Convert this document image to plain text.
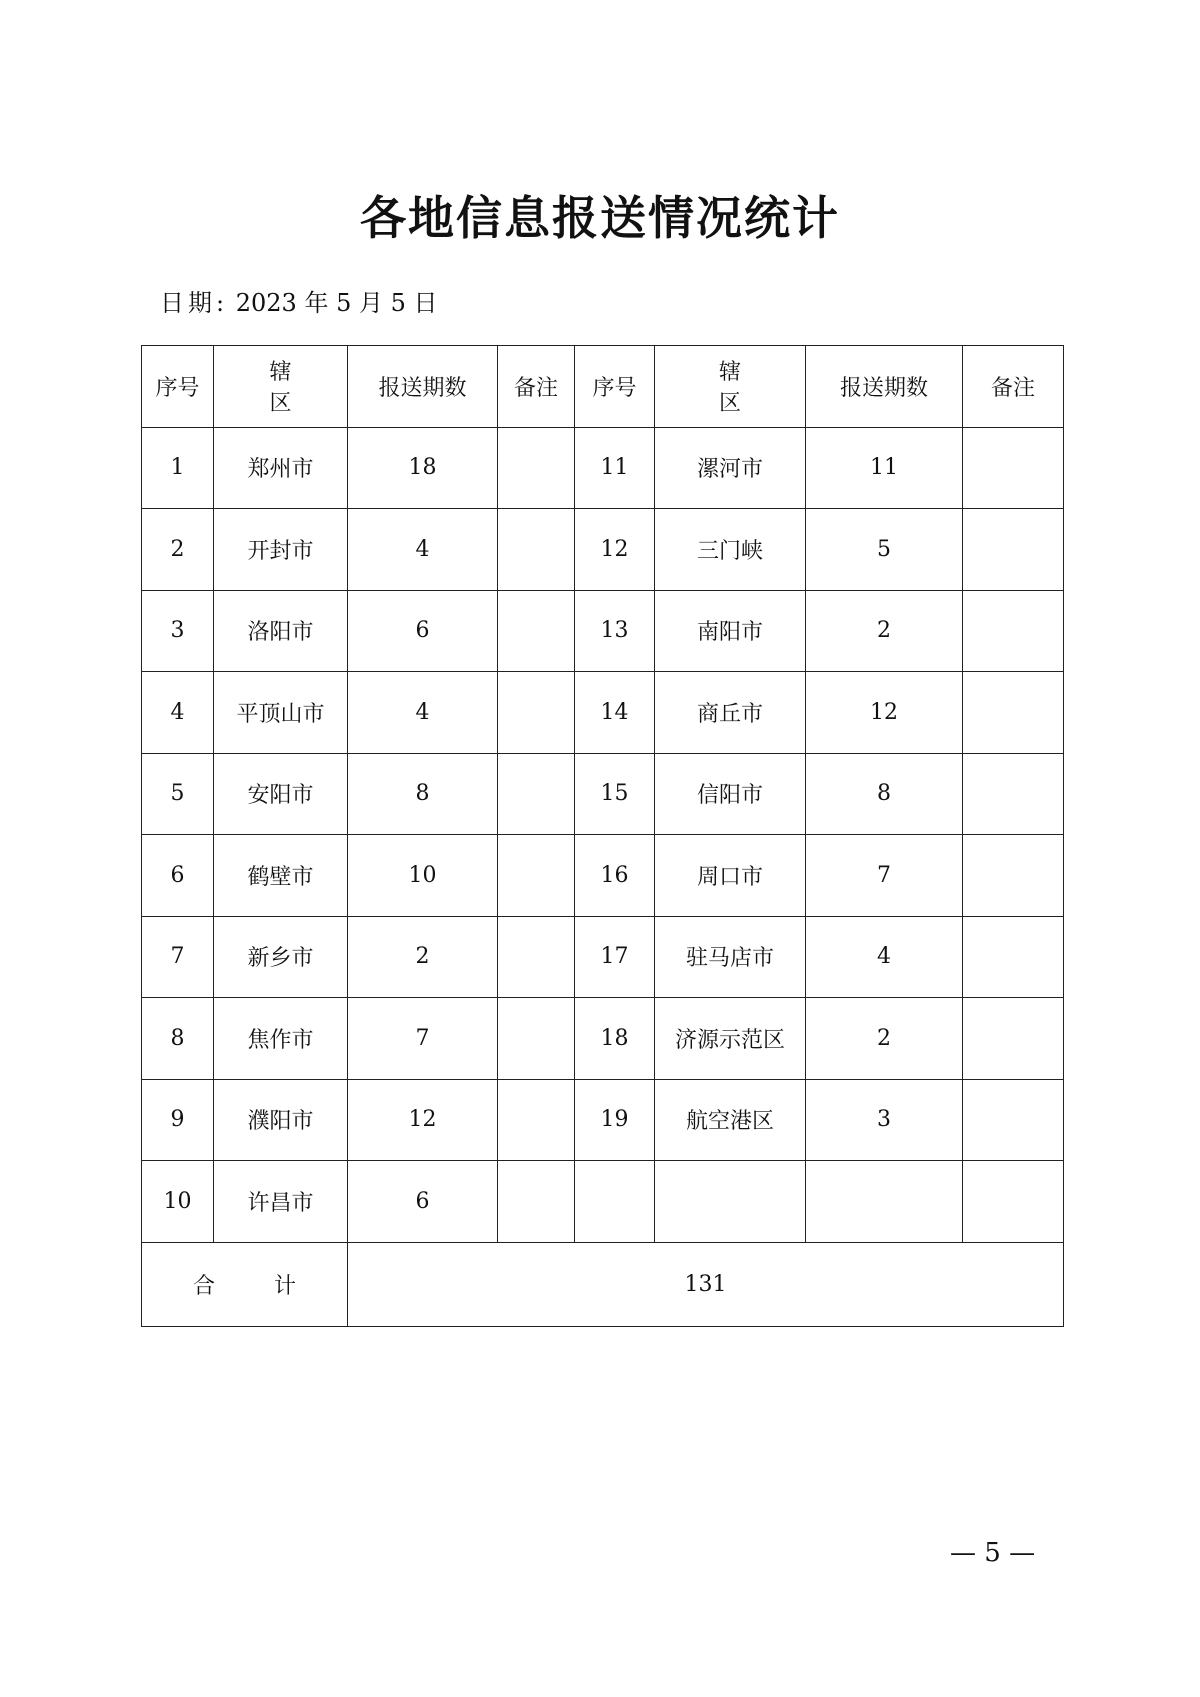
各地信息报送情况统计
日期: 2023 年 5 月 5 日
序号	辖 区	报送期数	备注	序号	辖 区	报送期数	备注
1	郑州市	18		11	漯河市	11	
2	开封市	4		12	三门峡	5	
3	洛阳市	6		13	南阳市	2	
4	平顶山市	4		14	商丘市	12	
5	安阳市	8		15	信阳市	8	
6	鹤壁市	10		16	周口市	7	
7	新乡市	2		17	驻马店市	4	
8	焦作市	7		18	济源示范区	2	
9	濮阳市	12		19	航空港区	3	
10	许昌市	6					
合 计		131					
— 5 —
